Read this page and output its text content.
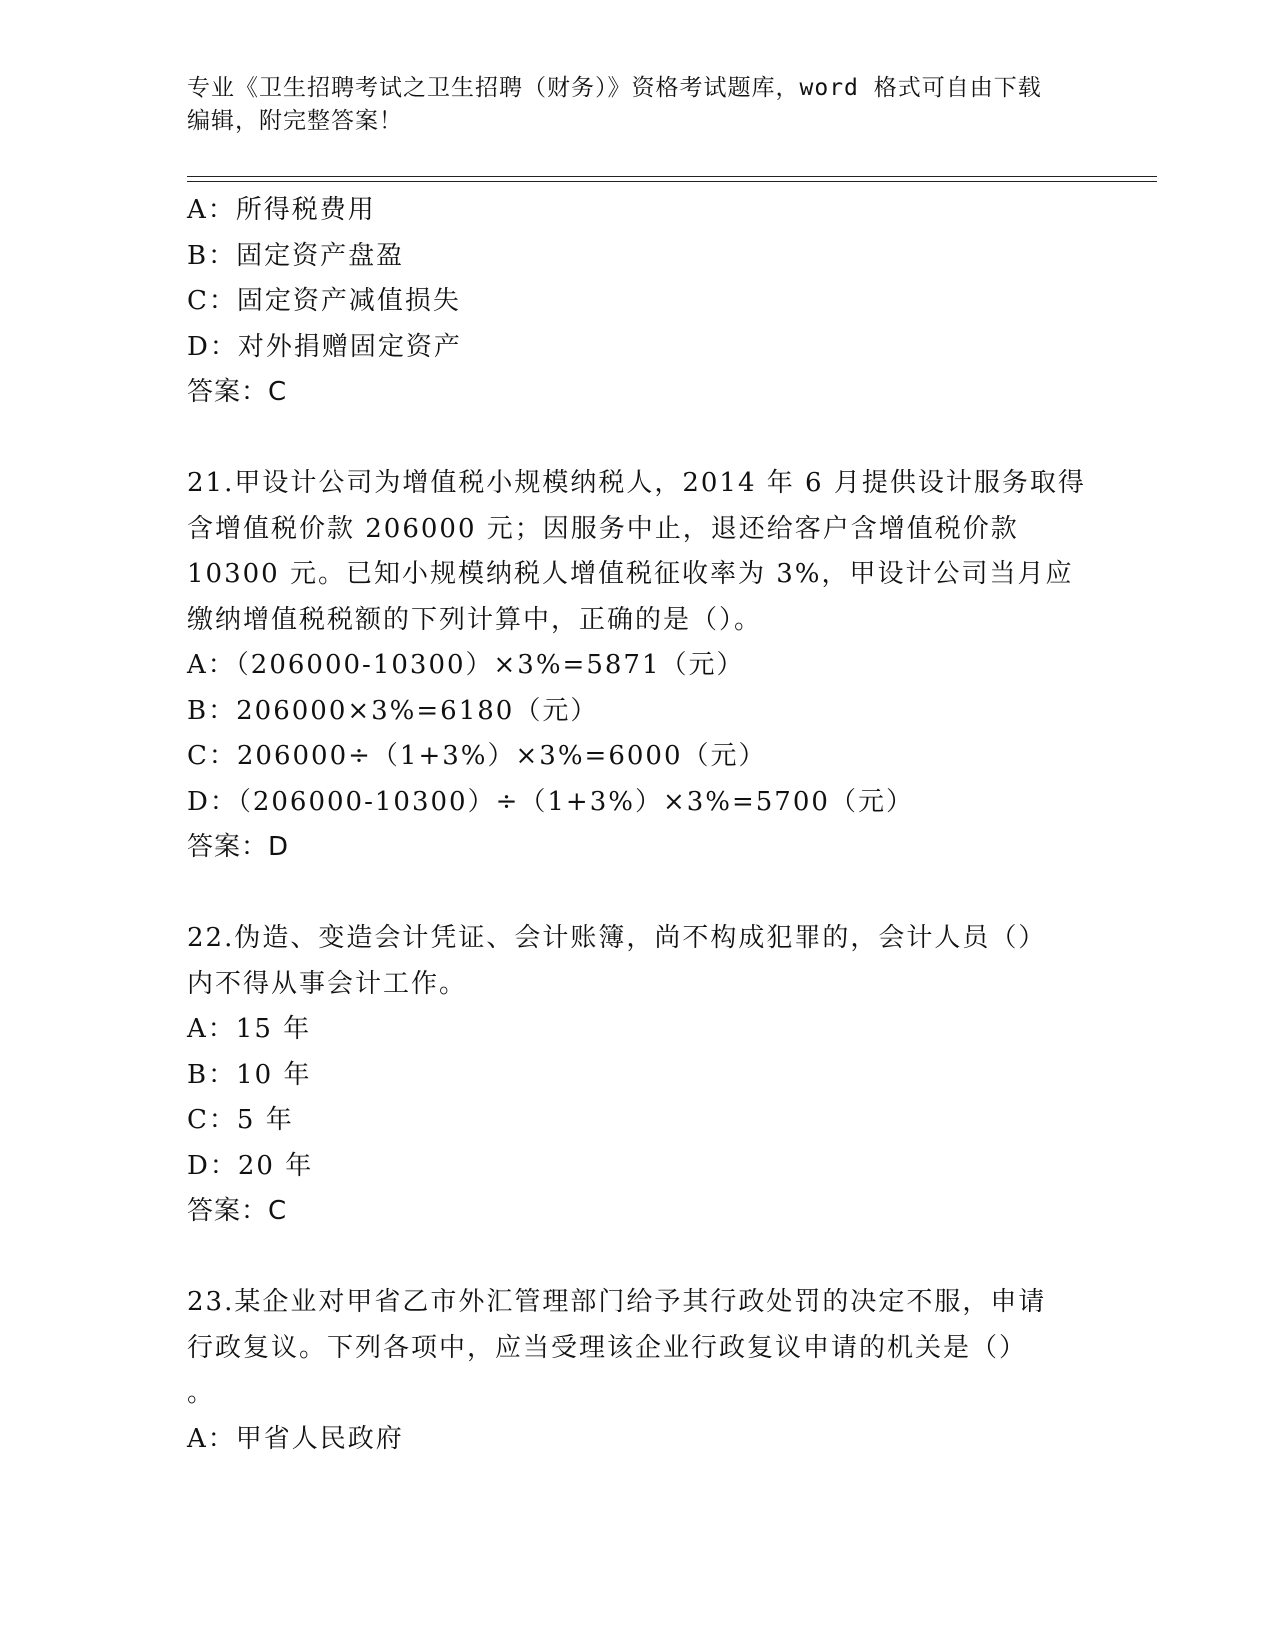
专业《卫生招聘考试之卫生招聘（财务）》资格考试题库，word 格式可自由下载
编辑，附完整答案！
A：所得税费用
B：固定资产盘盈
C：固定资产减值损失
D：对外捐赠固定资产
答案：C
21.甲设计公司为增值税小规模纳税人，2014 年 6 月提供设计服务取得
含增值税价款 206000 元；因服务中止，退还给客户含增值税价款
10300 元。已知小规模纳税人增值税征收率为 3%，甲设计公司当月应
缴纳增值税税额的下列计算中，正确的是（）。
A：（206000-10300）×3%=5871（元）
B：206000×3%=6180（元）
C：206000÷（1+3%）×3%=6000（元）
D：（206000-10300）÷（1+3%）×3%=5700（元）
答案：D
22.伪造、变造会计凭证、会计账簿，尚不构成犯罪的，会计人员（）
内不得从事会计工作。
A：15 年
B：10 年
C：5 年
D：20 年
答案：C
23.某企业对甲省乙市外汇管理部门给予其行政处罚的决定不服，申请
行政复议。下列各项中，应当受理该企业行政复议申请的机关是（）
。
A：甲省人民政府
